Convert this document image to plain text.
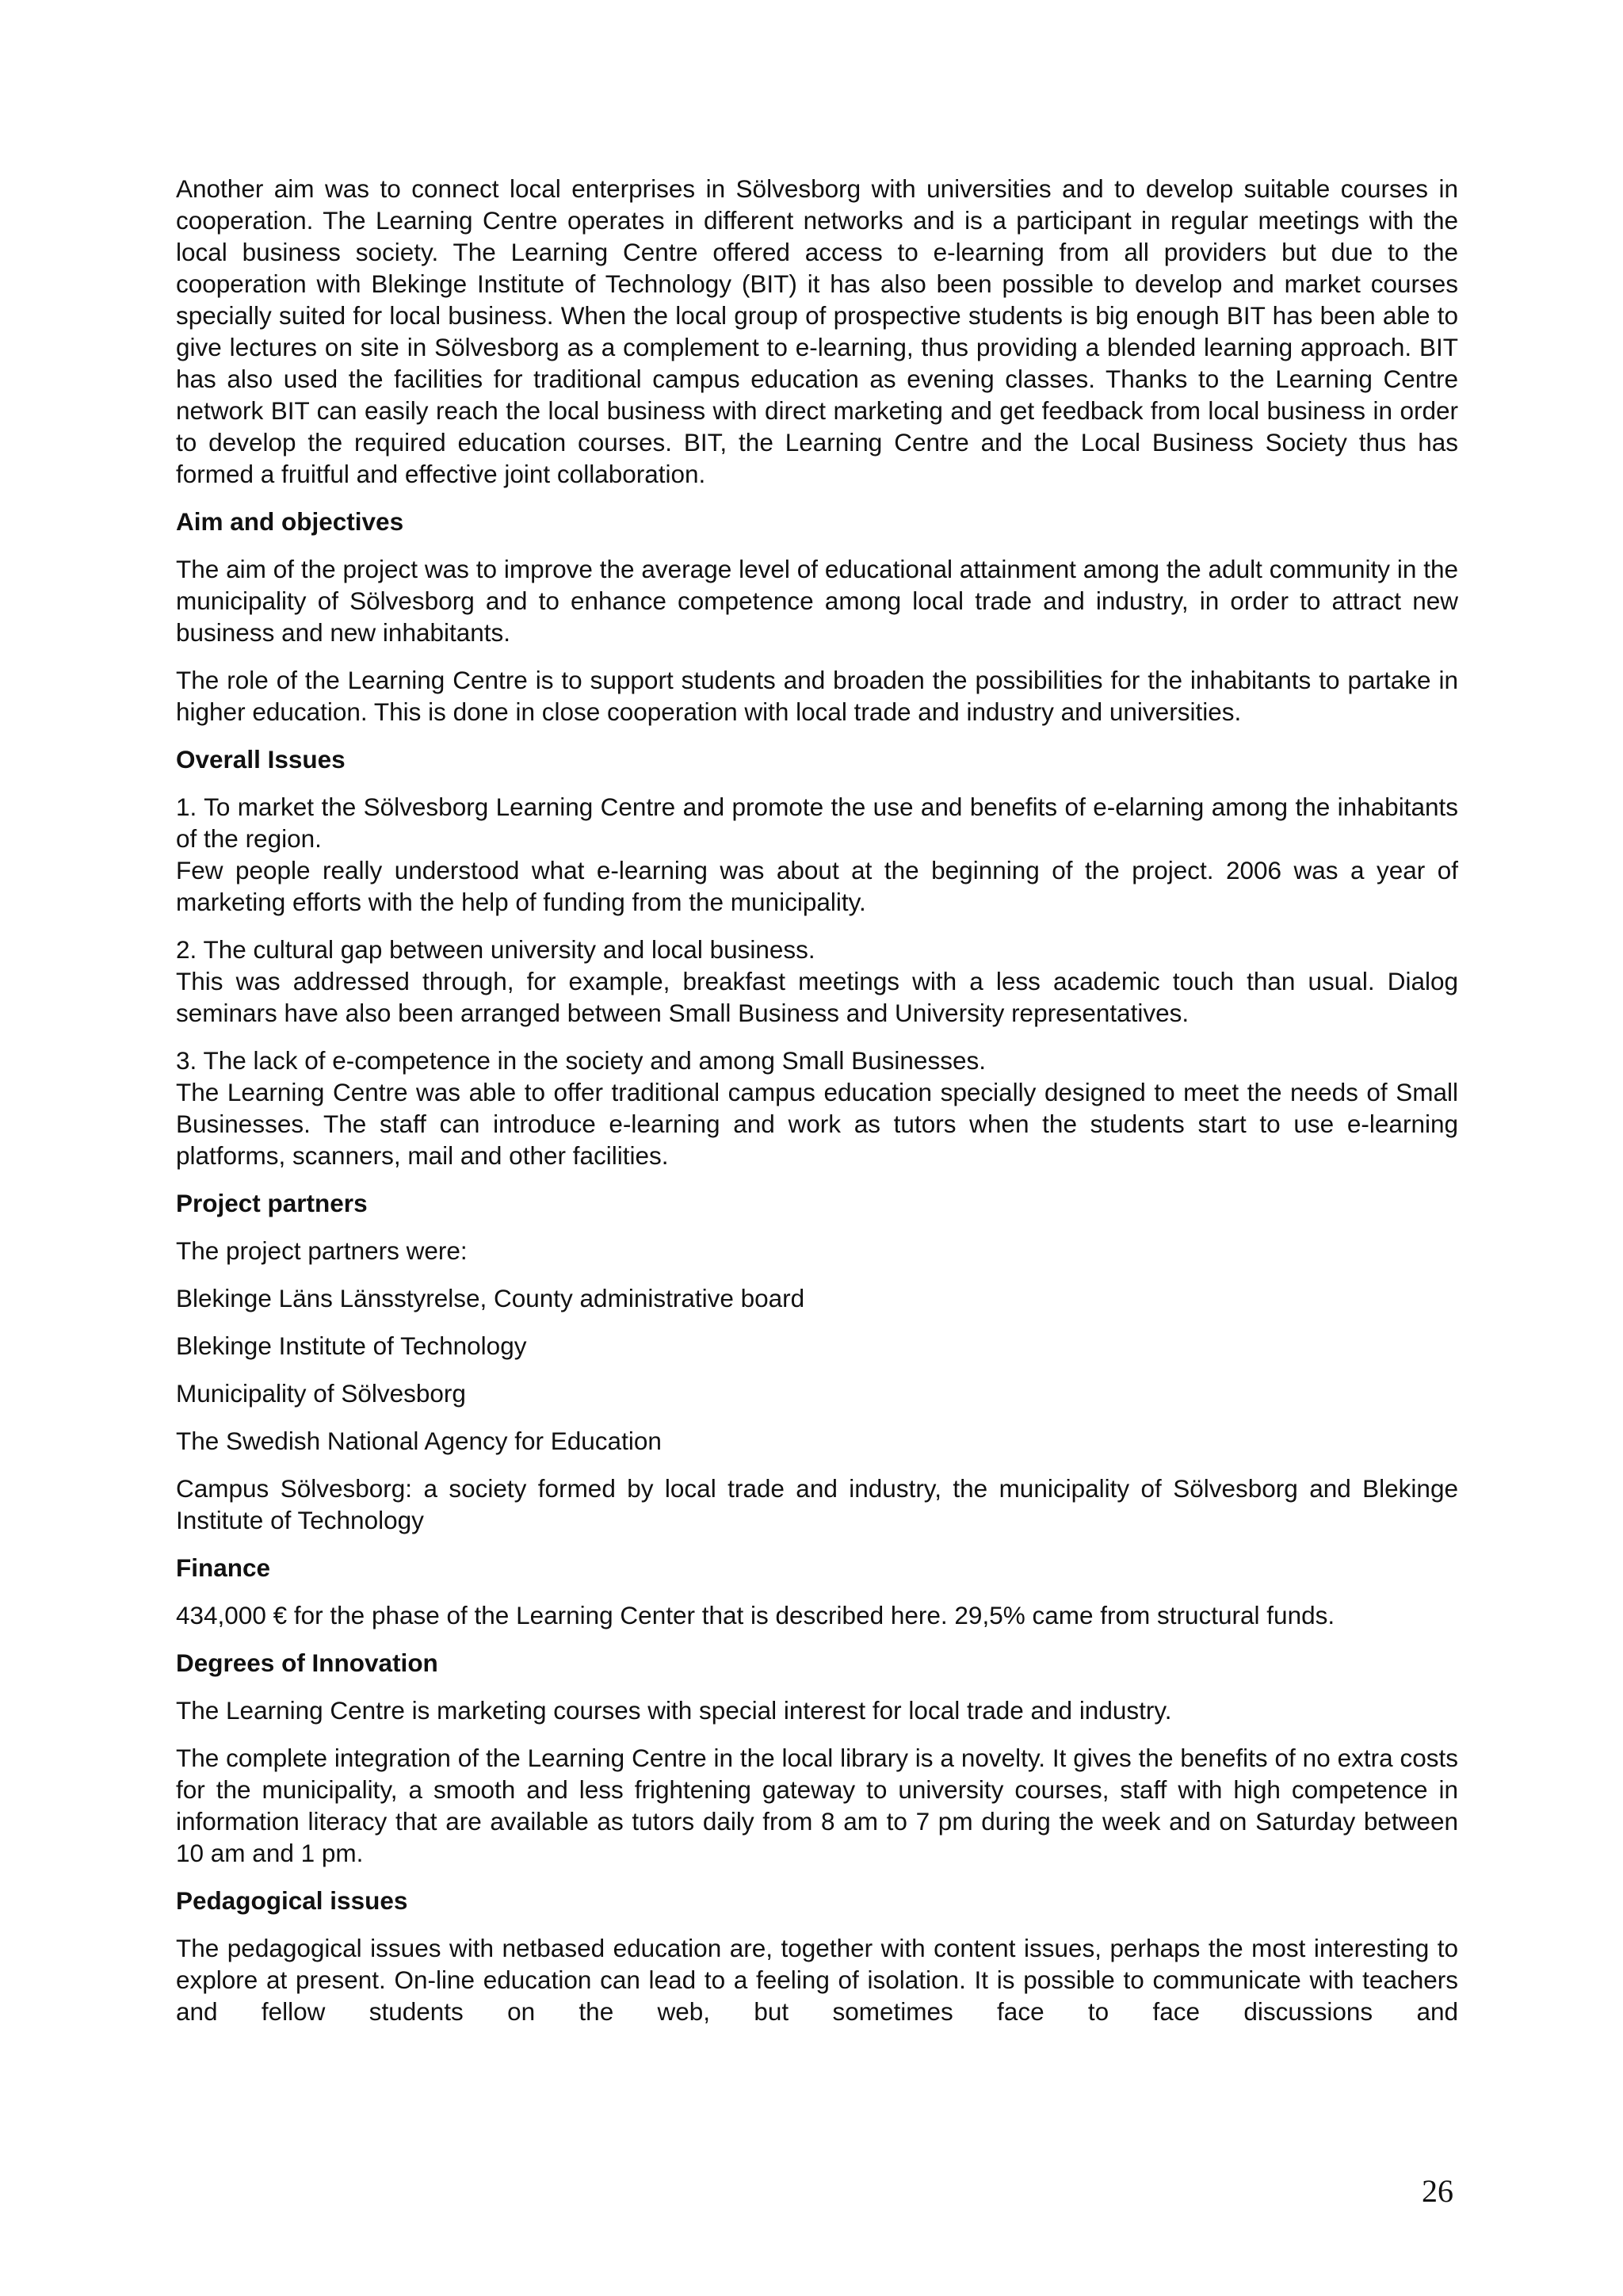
Another aim was to connect local enterprises in Sölvesborg with universities and to develop suitable courses in cooperation. The Learning Centre operates in different networks and is a participant in regular meetings with the local business society. The Learning Centre offered access to e-learning from all providers but due to the cooperation with Blekinge Institute of Technology (BIT) it has also been possible to develop and market courses specially suited for local business. When the local group of prospective students is big enough BIT has been able to give lectures on site in Sölvesborg as a complement to e-learning, thus providing a blended learning approach. BIT has also used the facilities for traditional campus education as evening classes. Thanks to the Learning Centre network BIT can easily reach the local business with direct marketing and get feedback from local business in order to develop the required education courses. BIT, the Learning Centre and the Local Business Society thus has formed a fruitful and effective joint collaboration.

Aim and objectives

The aim of the project was to improve the average level of educational attainment among the adult community in the municipality of Sölvesborg and to enhance competence among local trade and industry, in order to attract new business and new inhabitants.

The role of the Learning Centre is to support students and broaden the possibilities for the inhabitants to partake in higher education. This is done in close cooperation with local trade and industry and universities.

Overall Issues

1. To market the Sölvesborg Learning Centre and promote the use and benefits of e-elarning among the inhabitants of the region.

Few people really understood what e-learning was about at the beginning of the project. 2006 was a year of marketing efforts with the help of funding from the municipality.

2. The cultural gap between university and local business.

This was addressed through, for example, breakfast meetings with a less academic touch than usual. Dialog seminars have also been arranged between Small Business and University representatives.

3. The lack of e-competence in the society and among Small Businesses.

The Learning Centre was able to offer traditional campus education specially designed to meet the needs of Small Businesses. The staff can introduce e-learning and work as tutors when the students start to use e-learning platforms, scanners, mail and other facilities.

Project partners

The project partners were:

Blekinge Läns Länsstyrelse, County administrative board

Blekinge Institute of Technology

Municipality of Sölvesborg

The Swedish National Agency for Education

Campus Sölvesborg: a society formed by local trade and industry, the municipality of Sölvesborg and Blekinge Institute of Technology

Finance

434,000 € for the phase of the Learning Center that is described here. 29,5% came from structural funds.

Degrees of Innovation

The Learning Centre is marketing courses with special interest for local trade and industry.

The complete integration of the Learning Centre in the local library is a novelty. It gives the benefits of no extra costs for the municipality, a smooth and less frightening gateway to university courses, staff with high competence in information literacy that are available as tutors daily from 8 am to 7 pm during the week and on Saturday between 10 am and 1 pm.

Pedagogical issues

The pedagogical issues with netbased education are, together with content issues, perhaps the most interesting to explore at present. On-line education can lead to a feeling of isolation. It is possible to communicate with teachers and fellow students on the web, but sometimes face to face discussions and

26
